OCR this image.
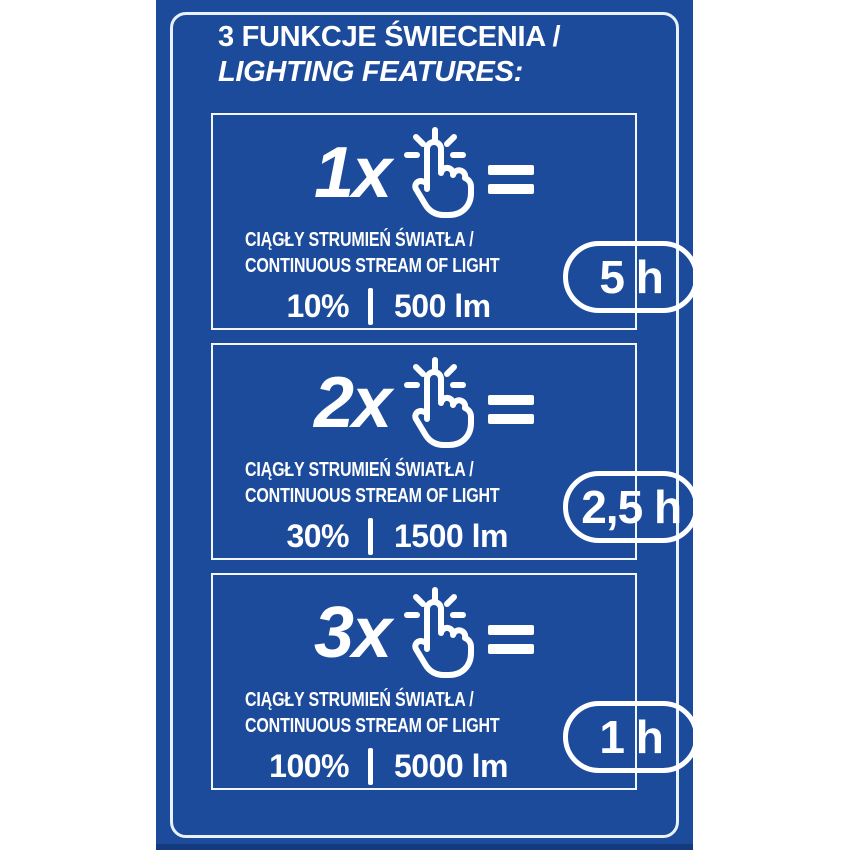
3 FUNKCJE ŚWIECENIA /
LIGHTING FEATURES:
1x
CIĄGŁY STRUMIEŃ ŚWIATŁA /
CONTINUOUS STREAM OF LIGHT
10% 500 lm
5 h
2x
CIĄGŁY STRUMIEŃ ŚWIATŁA /
CONTINUOUS STREAM OF LIGHT
30% 1500 lm
2,5 h
3x
CIĄGŁY STRUMIEŃ ŚWIATŁA /
CONTINUOUS STREAM OF LIGHT
100% 5000 lm
1 h
